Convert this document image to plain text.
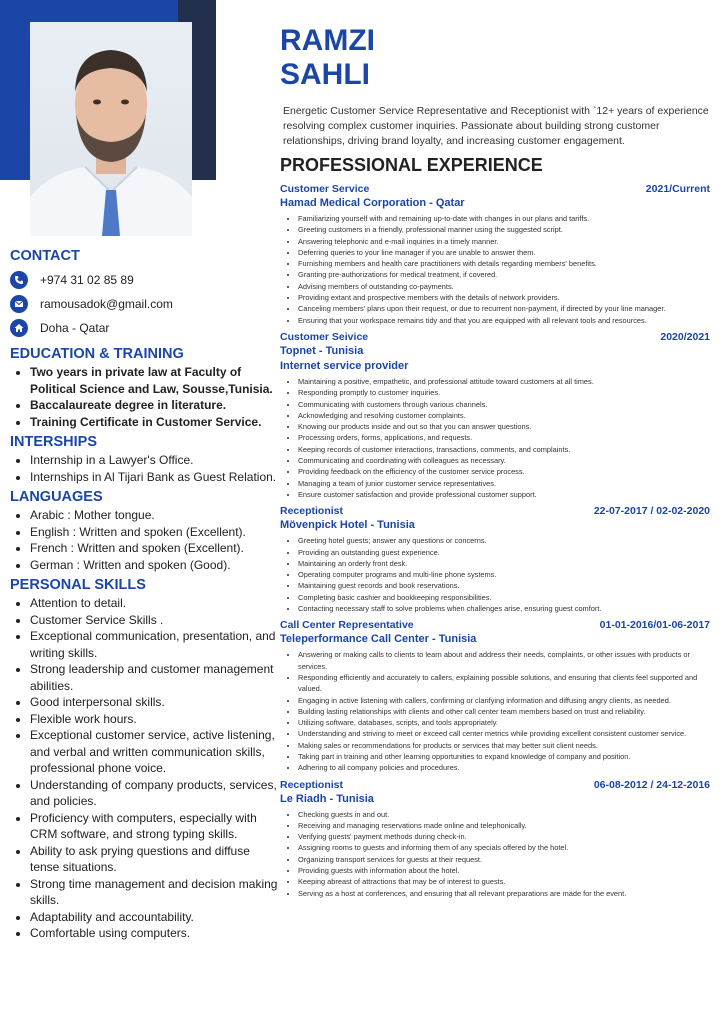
CONTACT
+974 31 02 85 89
ramousadok@gmail.com
Doha - Qatar
EDUCATION & TRAINING
• Two years in private law at Faculty of Political Science and Law, Sousse,Tunisia.
• Baccalaureate degree in literature.
• Training Certificate in Customer Service.
INTERSHIPS
• Internship in a Lawyer's Office.
• Internships in Al Tijari Bank as Guest Relation.
LANGUAGES
• Arabic : Mother tongue.
• English : Written and spoken (Excellent).
• French : Written and spoken (Excellent).
• German : Written and spoken (Good).
PERSONAL SKILLS
• Attention to detail.
• Customer Service Skills .
• Exceptional communication, presentation, and writing skills.
• Strong leadership and customer management abilities.
• Good interpersonal skills.
• Flexible work hours.
• Exceptional customer service, active listening, and verbal and written communication skills, professional phone voice.
• Understanding of company products, services, and policies.
• Proficiency with computers, especially with CRM software, and strong typing skills.
• Ability to ask prying questions and diffuse tense situations.
• Strong time management and decision making skills.
• Adaptability and accountability.
• Comfortable using computers.
RAMZI
SAHLI

Energetic Customer Service Representative and Receptionist with `12+ years of experience resolving complex customer inquiries. Passionate about building strong customer relationships, driving brand loyalty, and increasing customer engagement.

PROFESSIONAL EXPERIENCE
Customer Service	2021/Current
Hamad Medical Corporation - Qatar
• Familiarizing yourself with and remaining up-to-date with changes in our plans and tariffs.
• Greeting customers in a friendly, professional manner using the suggested script.
• Answering telephonic and e-mail inquiries in a timely manner.
• Deferring queries to your line manager if you are unable to answer them.
• Furnishing members and health care practitioners with details regarding members' benefits.
• Granting pre-authorizations for medical treatment, if covered.
• Advising members of outstanding co-payments.
• Providing extant and prospective members with the details of network providers.
• Canceling members' plans upon their request, or due to recurrent non-payment, if directed by your line manager.
• Ensuring that your workspace remains tidy and that you are equipped with all relevant tools and resources.
Customer Seivice	2020/2021
Topnet - Tunisia
Internet service provider
• Maintaining a positive, empathetic, and professional attitude toward customers at all times.
• Responding promptly to customer inquiries.
• Communicating with customers through various channels.
• Acknowledging and resolving customer complaints.
• Knowing our products inside and out so that you can answer questions.
• Processing orders, forms, applications, and requests.
• Keeping records of customer interactions, transactions, comments, and complaints.
• Communicating and coordinating with colleagues as necessary.
• Providing feedback on the efficiency of the customer service process.
• Managing a team of junior customer service representatives.
• Ensure customer satisfaction and provide professional customer support.
Receptionist	22-07-2017 / 02-02-2020
Mövenpick Hotel - Tunisia
• Greeting hotel guests; answer any questions or concerns.
• Providing an outstanding guest experience.
• Maintaining an orderly front desk.
• Operating computer programs and multi-line phone systems.
• Maintaining guest records and book reservations.
• Completing basic cashier and bookkeeping responsibilities.
• Contacting necessary staff to solve problems when challenges arise, ensuring guest comfort.
Call Center Representative	01-01-2016/01-06-2017
Teleperformance Call Center - Tunisia
• Answering or making calls to clients to learn about and address their needs, complaints, or other issues with products or services.
• Responding efficiently and accurately to callers, explaining possible solutions, and ensuring that clients feel supported and valued.
• Engaging in active listening with callers, confirming or clarifying information and diffusing angry clients, as needed.
• Building lasting relationships with clients and other call center team members based on trust and reliability.
• Utilizing software, databases, scripts, and tools appropriately.
• Understanding and striving to meet or exceed call center metrics while providing excellent consistent customer service.
• Making sales or recommendations for products or services that may better suit client needs.
• Taking part in training and other learning opportunities to expand knowledge of company and position.
• Adhering to all company policies and procedures.
Receptionist	06-08-2012 / 24-12-2016
Le Riadh - Tunisia
• Checking guests in and out.
• Receiving and managing reservations made online and telephonically.
• Verifying guests' payment methods during check-in.
• Assigning rooms to guests and informing them of any specials offered by the hotel.
• Organizing transport services for guests at their request.
• Providing guests with information about the hotel.
• Keeping abreast of attractions that may be of interest to guests.
• Serving as a host at conferences, and ensuring that all relevant preparations are made for the event.
